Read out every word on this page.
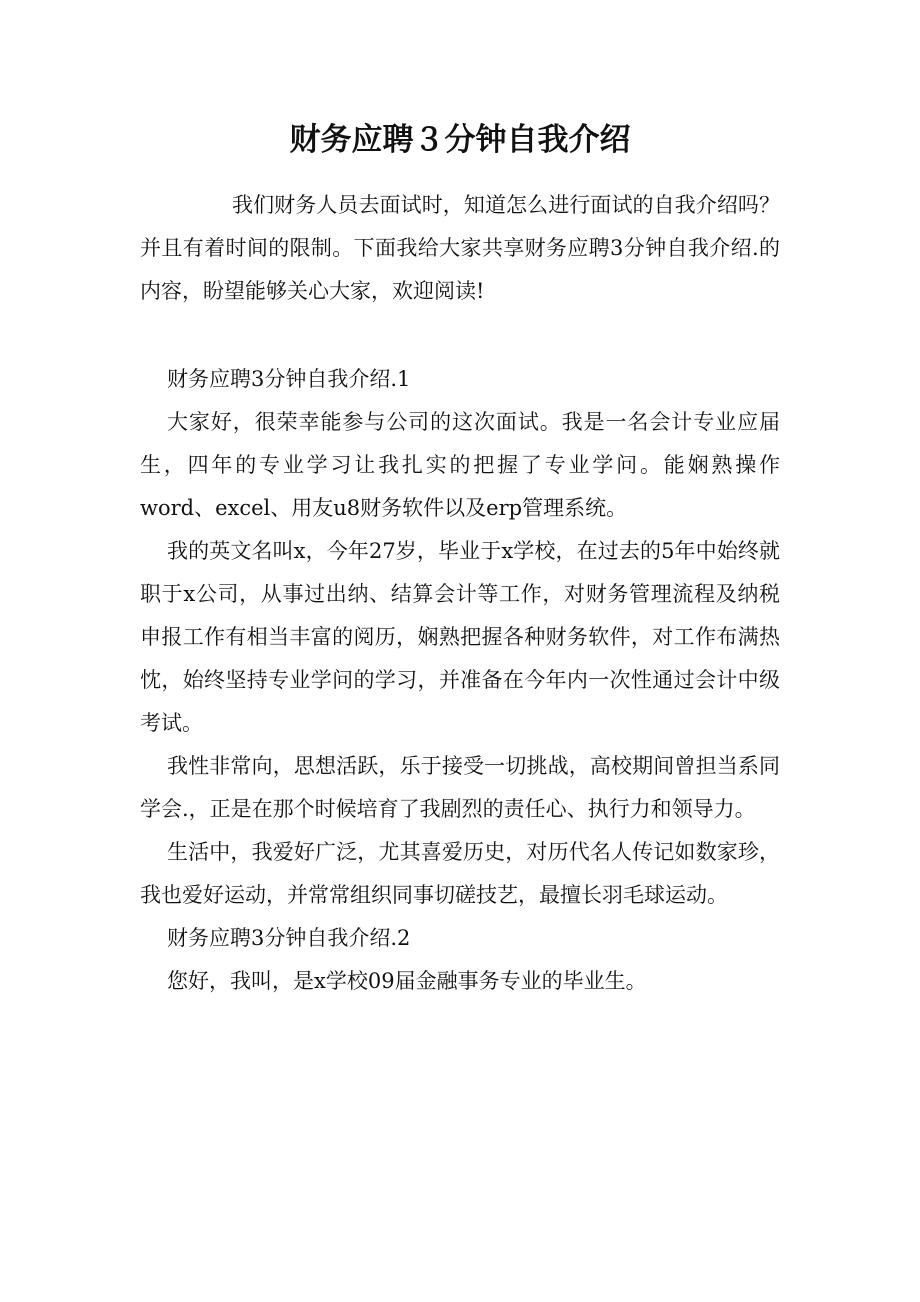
财务应聘３分钟自我介绍

我们财务人员去面试时，知道怎么进行面试的自我介绍吗？并且有着时间的限制。下面我给大家共享财务应聘3分钟自我介绍.的内容，盼望能够关心大家，欢迎阅读!

财务应聘3分钟自我介绍.1

大家好，很荣幸能参与公司的这次面试。我是一名会计专业应届生，四年的专业学习让我扎实的把握了专业学问。能娴熟操作word、excel、用友u8财务软件以及erp管理系统。

我的英文名叫x，今年27岁，毕业于x学校，在过去的5年中始终就职于x公司，从事过出纳、结算会计等工作，对财务管理流程及纳税申报工作有相当丰富的阅历，娴熟把握各种财务软件，对工作布满热忱，始终坚持专业学问的学习，并准备在今年内一次性通过会计中级考试。

我性非常向，思想活跃，乐于接受一切挑战，高校期间曾担当系同学会.，正是在那个时候培育了我剧烈的责任心、执行力和领导力。

生活中，我爱好广泛，尤其喜爱历史，对历代名人传记如数家珍，我也爱好运动，并常常组织同事切磋技艺，最擅长羽毛球运动。

财务应聘3分钟自我介绍.2

您好，我叫，是x学校09届金融事务专业的毕业生。
